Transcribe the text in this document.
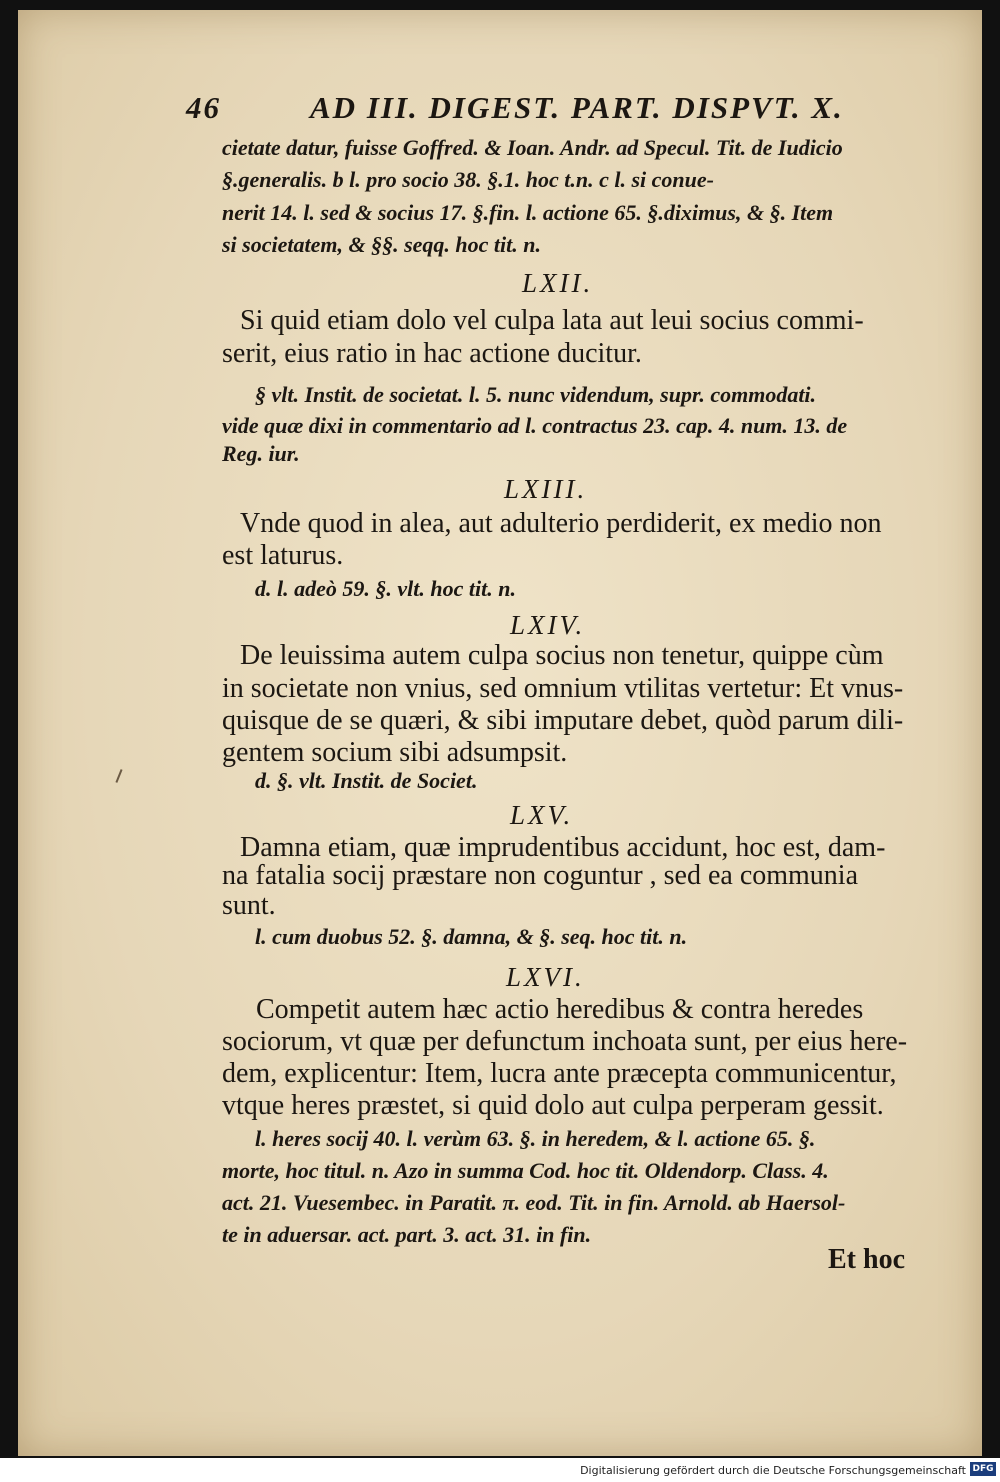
46	AD III. DIGEST. PART. DISPVT. X.
cietate datur, fuisse Goffred. & Ioan. Andr. ad Specul. Tit. de Iudicio
§.generalis. b l. pro socio 38. §.1. hoc t.n. c l. si conue-
nerit 14. l. sed & socius 17. §.fin. l. actione 65. §.diximus, & §. Item
si societatem, & §§. seqq. hoc tit. n.
LXII.
Si quid etiam dolo vel culpa lata aut leui socius commi-
serit, eius ratio in hac actione ducitur.
§ vlt. Instit. de societat. l. 5. nunc videndum, supr. commodati.
vide quæ dixi in commentario ad l. contractus 23. cap. 4. num. 13. de
Reg. iur.
LXIII.
Vnde quod in alea, aut adulterio perdiderit, ex medio non
est laturus.
d. l. adeò 59. §. vlt. hoc tit. n.
LXIV.
De leuissima autem culpa socius non tenetur, quippe cùm
in societate non vnius, sed omnium vtilitas vertetur: Et vnus-
quisque de se quæri, & sibi imputare debet, quòd parum dili-
gentem socium sibi adsumpsit.
d. §. vlt. Instit. de Societ.
LXV.
Damna etiam, quæ imprudentibus accidunt, hoc est, dam-
na fatalia socij præstare non coguntur , sed ea communia
sunt.
l. cum duobus 52. §. damna, & §. seq. hoc tit. n.
LXVI.
Competit autem hæc actio heredibus & contra heredes
sociorum, vt quæ per defunctum inchoata sunt, per eius here-
dem, explicentur: Item, lucra ante præcepta communicentur,
vtque heres præstet, si quid dolo aut culpa perperam gessit.
l. heres socij 40. l. verùm 63. §. in heredem, & l. actione 65. §.
morte, hoc titul. n. Azo in summa Cod. hoc tit. Oldendorp. Class. 4.
act. 21. Vuesembec. in Paratit. π. eod. Tit. in fin. Arnold. ab Haersol-
te in aduersar. act. part. 3. act. 31. in fin.
Et hoc
Digitalisierung gefördert durch die Deutsche Forschungsgemeinschaft DFG
